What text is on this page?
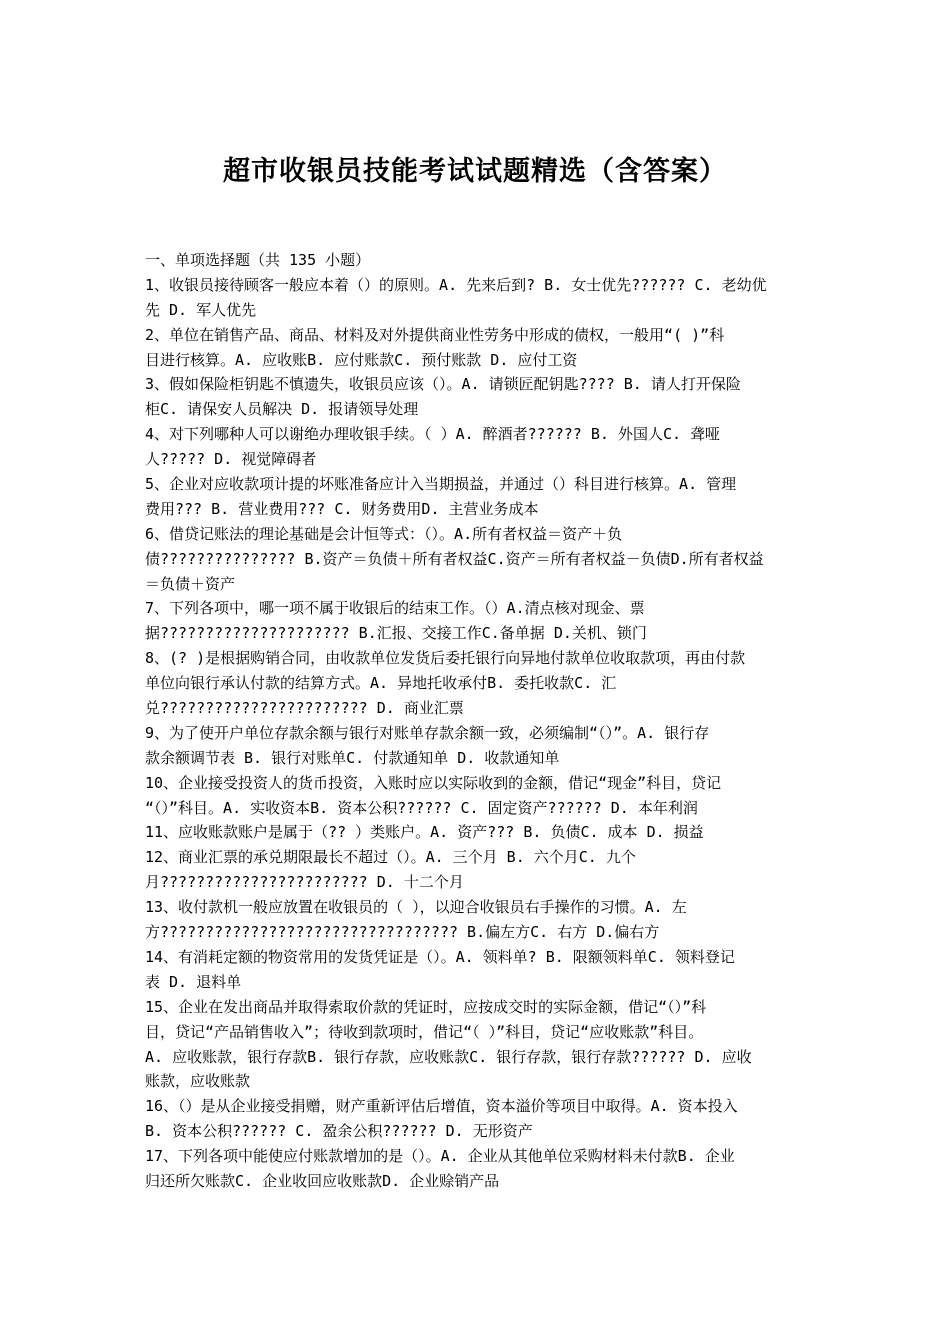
超市收银员技能考试试题精选（含答案）
一、单项选择题（共 135 小题）
1、收银员接待顾客一般应本着（）的原则。A. 先来后到? B. 女士优先?????? C. 老幼优
先 D. 军人优先
2、单位在销售产品、商品、材料及对外提供商业性劳务中形成的债权，一般用“( )”科
目进行核算。A. 应收账B. 应付账款C. 预付账款 D. 应付工资
3、假如保险柜钥匙不慎遗失，收银员应该（）。A. 请锁匠配钥匙???? B. 请人打开保险
柜C. 请保安人员解决 D. 报请领导处理
4、对下列哪种人可以谢绝办理收银手续。（ ）A. 醉酒者?????? B. 外国人C. 聋哑
人????? D. 视觉障碍者
5、企业对应收款项计提的坏账准备应计入当期损益，并通过（）科目进行核算。A. 管理
费用??? B. 营业费用??? C. 财务费用D. 主营业务成本
6、借贷记账法的理论基础是会计恒等式：（）。A.所有者权益＝资产＋负
债??????????????? B.资产＝负债＋所有者权益C.资产＝所有者权益－负债D.所有者权益
＝负债＋资产
7、下列各项中，哪一项不属于收银后的结束工作。（）A.清点核对现金、票
据????????????????????? B.汇报、交接工作C.备单据 D.关机、锁门
8、(? )是根据购销合同，由收款单位发货后委托银行向异地付款单位收取款项，再由付款
单位向银行承认付款的结算方式。A. 异地托收承付B. 委托收款C. 汇
兑??????????????????????? D. 商业汇票
9、为了使开户单位存款余额与银行对账单存款余额一致，必须编制“（）”。A. 银行存
款余额调节表 B. 银行对账单C. 付款通知单 D. 收款通知单
10、企业接受投资人的货币投资，入账时应以实际收到的金额，借记“现金”科目，贷记
“（）”科目。A. 实收资本B. 资本公积?????? C. 固定资产?????? D. 本年利润
11、应收账款账户是属于（?? ）类账户。A. 资产??? B. 负债C. 成本 D. 损益
12、商业汇票的承兑期限最长不超过（）。A. 三个月 B. 六个月C. 九个
月??????????????????????? D. 十二个月
13、收付款机一般应放置在收银员的（ ），以迎合收银员右手操作的习惯。A. 左
方????????????????????????????????? B.偏左方C. 右方 D.偏右方
14、有消耗定额的物资常用的发货凭证是（）。A. 领料单? B. 限额领料单C. 领料登记
表 D. 退料单
15、企业在发出商品并取得索取价款的凭证时，应按成交时的实际金额，借记“（）”科
目，贷记“产品销售收入”；待收到款项时，借记“（ ）”科目，贷记“应收账款”科目。
A. 应收账款，银行存款B. 银行存款，应收账款C. 银行存款，银行存款?????? D. 应收
账款，应收账款
16、（）是从企业接受捐赠，财产重新评估后增值，资本溢价等项目中取得。A. 资本投入
B. 资本公积?????? C. 盈余公积?????? D. 无形资产
17、下列各项中能使应付账款增加的是（）。A. 企业从其他单位采购材料未付款B. 企业
归还所欠账款C. 企业收回应收账款D. 企业赊销产品
